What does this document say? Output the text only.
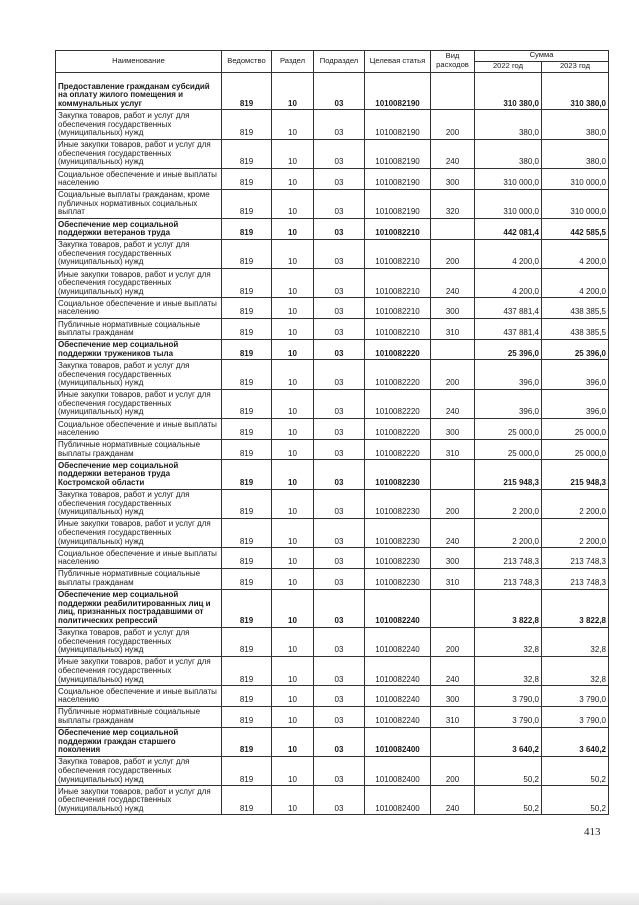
Наименование	Ведомство	Раздел	Подраздел	Целевая статья	Вид расходов	Сумма	
						2022 год	2023 год
Предоставление гражданам субсидий на оплату жилого помещения и коммунальных услуг	819	10	03	1010082190		310 380,0	310 380,0
Закупка товаров, работ и услуг для обеспечения государственных (муниципальных) нужд	819	10	03	1010082190	200	380,0	380,0
Иные закупки товаров, работ и услуг для обеспечения государственных (муниципальных) нужд	819	10	03	1010082190	240	380,0	380,0
Социальное обеспечение и иные выплаты населению	819	10	03	1010082190	300	310 000,0	310 000,0
Социальные выплаты гражданам, кроме публичных нормативных социальных выплат	819	10	03	1010082190	320	310 000,0	310 000,0
Обеспечение мер социальной поддержки ветеранов труда	819	10	03	1010082210		442 081,4	442 585,5
Закупка товаров, работ и услуг для обеспечения государственных (муниципальных) нужд	819	10	03	1010082210	200	4 200,0	4 200,0
Иные закупки товаров, работ и услуг для обеспечения государственных (муниципальных) нужд	819	10	03	1010082210	240	4 200,0	4 200,0
Социальное обеспечение и иные выплаты населению	819	10	03	1010082210	300	437 881,4	438 385,5
Публичные нормативные социальные выплаты гражданам	819	10	03	1010082210	310	437 881,4	438 385,5
Обеспечение мер социальной поддержки тружеников тыла	819	10	03	1010082220		25 396,0	25 396,0
Закупка товаров, работ и услуг для обеспечения государственных (муниципальных) нужд	819	10	03	1010082220	200	396,0	396,0
Иные закупки товаров, работ и услуг для обеспечения государственных (муниципальных) нужд	819	10	03	1010082220	240	396,0	396,0
Социальное обеспечение и иные выплаты населению	819	10	03	1010082220	300	25 000,0	25 000,0
Публичные нормативные социальные выплаты гражданам	819	10	03	1010082220	310	25 000,0	25 000,0
Обеспечение мер социальной поддержки ветеранов труда Костромской области	819	10	03	1010082230		215 948,3	215 948,3
Закупка товаров, работ и услуг для обеспечения государственных (муниципальных) нужд	819	10	03	1010082230	200	2 200,0	2 200,0
Иные закупки товаров, работ и услуг для обеспечения государственных (муниципальных) нужд	819	10	03	1010082230	240	2 200,0	2 200,0
Социальное обеспечение и иные выплаты населению	819	10	03	1010082230	300	213 748,3	213 748,3
Публичные нормативные социальные выплаты гражданам	819	10	03	1010082230	310	213 748,3	213 748,3
Обеспечение мер социальной поддержки реабилитированных лиц и лиц, признанных пострадавшими от политических репрессий	819	10	03	1010082240		3 822,8	3 822,8
Закупка товаров, работ и услуг для обеспечения государственных (муниципальных) нужд	819	10	03	1010082240	200	32,8	32,8
Иные закупки товаров, работ и услуг для обеспечения государственных (муниципальных) нужд	819	10	03	1010082240	240	32,8	32,8
Социальное обеспечение и иные выплаты населению	819	10	03	1010082240	300	3 790,0	3 790,0
Публичные нормативные социальные выплаты гражданам	819	10	03	1010082240	310	3 790,0	3 790,0
Обеспечение мер социальной поддержки граждан старшего поколения	819	10	03	1010082400		3 640,2	3 640,2
Закупка товаров, работ и услуг для обеспечения государственных (муниципальных) нужд	819	10	03	1010082400	200	50,2	50,2
Иные закупки товаров, работ и услуг для обеспечения государственных (муниципальных) нужд	819	10	03	1010082400	240	50,2	50,2
413
